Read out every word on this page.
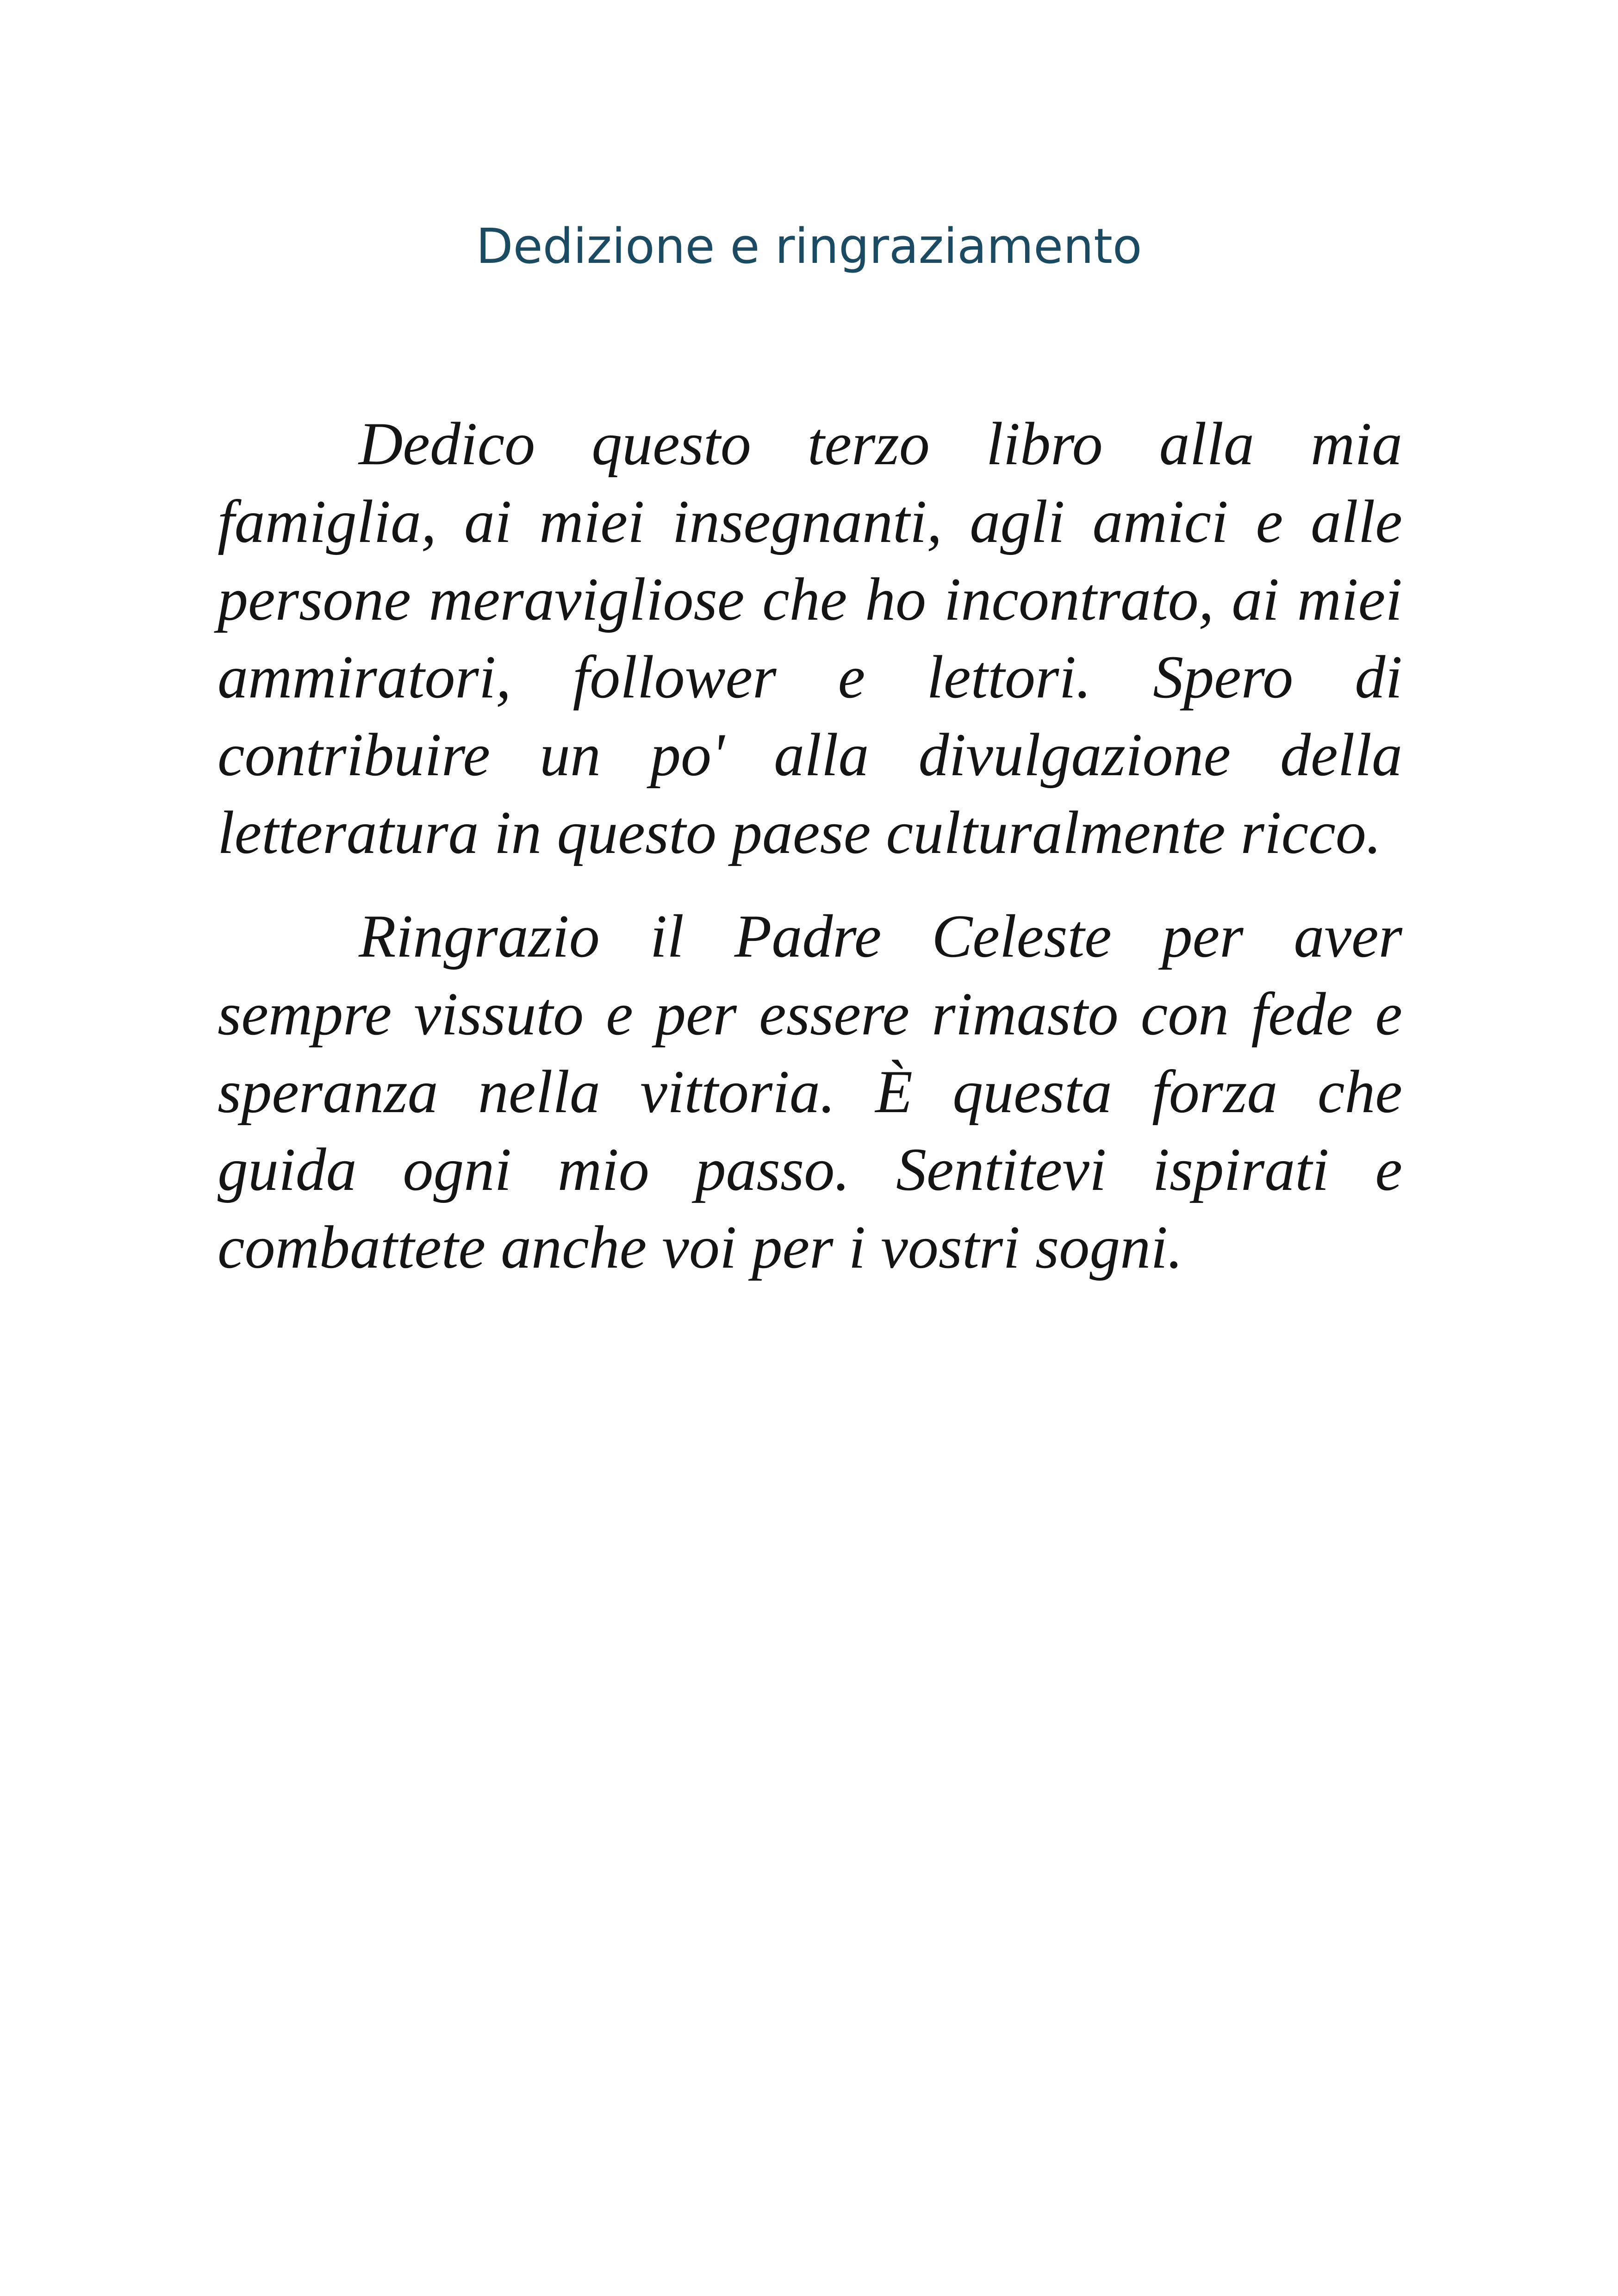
Dedizione e ringraziamento

Dedico questo terzo libro alla mia famiglia, ai miei insegnanti, agli amici e alle persone meravigliose che ho incontrato, ai miei ammiratori, follower e lettori. Spero di contribuire un po' alla divulgazione della letteratura in questo paese culturalmente ricco.

Ringrazio il Padre Celeste per aver sempre vissuto e per essere rimasto con fede e speranza nella vittoria. È questa forza che guida ogni mio passo. Sentitevi ispirati e combattete anche voi per i vostri sogni.
